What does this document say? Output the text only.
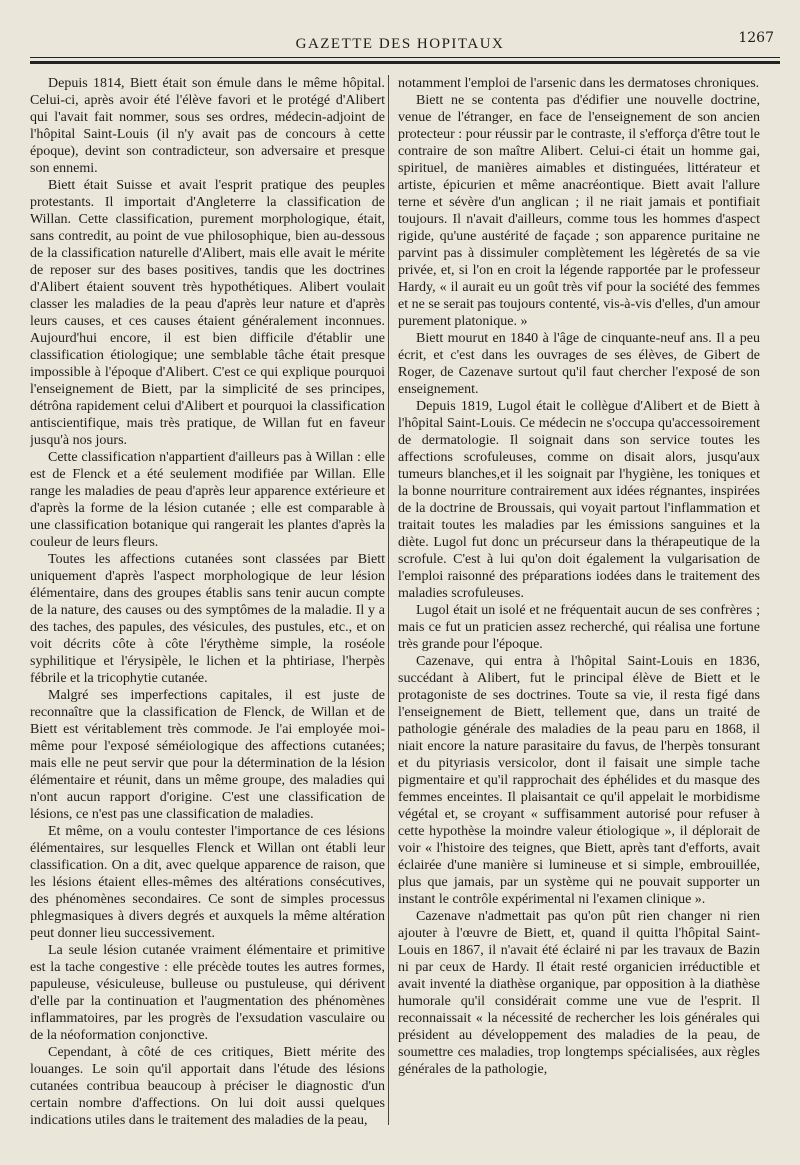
GAZETTE DES HOPITAUX	1267

Depuis 1814, Biett était son émule dans le même hôpital. Celui-ci, après avoir été l'élève favori et le protégé d'Alibert qui l'avait fait nommer, sous ses ordres, médecin-adjoint de l'hôpital Saint-Louis (il n'y avait pas de concours à cette époque), devint son contradicteur, son adversaire et presque son ennemi.

Biett était Suisse et avait l'esprit pratique des peuples protestants. Il importait d'Angleterre la classification de Willan. Cette classification, purement morphologique, était, sans contredit, au point de vue philosophique, bien au-dessous de la classification naturelle d'Alibert, mais elle avait le mérite de reposer sur des bases positives, tandis que les doctrines d'Alibert étaient souvent très hypothétiques. Alibert voulait classer les maladies de la peau d'après leur nature et d'après leurs causes, et ces causes étaient généralement inconnues. Aujourd'hui encore, il est bien difficile d'établir une classification étiologique; une semblable tâche était presque impossible à l'époque d'Alibert. C'est ce qui explique pourquoi l'enseignement de Biett, par la simplicité de ses principes, détrôna rapidement celui d'Alibert et pourquoi la classification antiscientifique, mais très pratique, de Willan fut en faveur jusqu'à nos jours.

Cette classification n'appartient d'ailleurs pas à Willan : elle est de Flenck et a été seulement modifiée par Willan. Elle range les maladies de peau d'après leur apparence extérieure et d'après la forme de la lésion cutanée ; elle est comparable à une classification botanique qui rangerait les plantes d'après la couleur de leurs fleurs.

Toutes les affections cutanées sont classées par Biett uniquement d'après l'aspect morphologique de leur lésion élémentaire, dans des groupes établis sans tenir aucun compte de la nature, des causes ou des symptômes de la maladie. Il y a des taches, des papules, des vésicules, des pustules, etc., et on voit décrits côte à côte l'érythème simple, la roséole syphilitique et l'érysipèle, le lichen et la phtiriase, l'herpès fébrile et la tricophytie cutanée.

Malgré ses imperfections capitales, il est juste de reconnaître que la classification de Flenck, de Willan et de Biett est véritablement très commode. Je l'ai employée moi-même pour l'exposé séméiologique des affections cutanées; mais elle ne peut servir que pour la détermination de la lésion élémentaire et réunit, dans un même groupe, des maladies qui n'ont aucun rapport d'origine. C'est une classification de lésions, ce n'est pas une classification de maladies.

Et même, on a voulu contester l'importance de ces lésions élémentaires, sur lesquelles Flenck et Willan ont établi leur classification. On a dit, avec quelque apparence de raison, que les lésions étaient elles-mêmes des altérations consécutives, des phénomènes secondaires. Ce sont de simples processus phlegmasiques à divers degrés et auxquels la même altération peut donner lieu successivement.

La seule lésion cutanée vraiment élémentaire et primitive est la tache congestive : elle précède toutes les autres formes, papuleuse, vésiculeuse, bulleuse ou pustuleuse, qui dérivent d'elle par la continuation et l'augmentation des phénomènes inflammatoires, par les progrès de l'exsudation vasculaire ou de la néoformation conjonctive.

Cependant, à côté de ces critiques, Biett mérite des louanges. Le soin qu'il apportait dans l'étude des lésions cutanées contribua beaucoup à préciser le diagnostic d'un certain nombre d'affections. On lui doit aussi quelques indications utiles dans le traitement des maladies de la peau,

notamment l'emploi de l'arsenic dans les dermatoses chroniques.

Biett ne se contenta pas d'édifier une nouvelle doctrine, venue de l'étranger, en face de l'enseignement de son ancien protecteur : pour réussir par le contraste, il s'efforça d'être tout le contraire de son maître Alibert. Celui-ci était un homme gai, spirituel, de manières aimables et distinguées, littérateur et artiste, épicurien et même anacréontique. Biett avait l'allure terne et sévère d'un anglican ; il ne riait jamais et pontifiait toujours. Il n'avait d'ailleurs, comme tous les hommes d'aspect rigide, qu'une austérité de façade ; son apparence puritaine ne parvint pas à dissimuler complètement les légèretés de sa vie privée, et, si l'on en croit la légende rapportée par le professeur Hardy, « il aurait eu un goût très vif pour la société des femmes et ne se serait pas toujours contenté, vis-à-vis d'elles, d'un amour purement platonique. »

Biett mourut en 1840 à l'âge de cinquante-neuf ans. Il a peu écrit, et c'est dans les ouvrages de ses élèves, de Gibert de Roger, de Cazenave surtout qu'il faut chercher l'exposé de son enseignement.

Depuis 1819, Lugol était le collègue d'Alibert et de Biett à l'hôpital Saint-Louis. Ce médecin ne s'occupa qu'accessoirement de dermatologie. Il soignait dans son service toutes les affections scrofuleuses, comme on disait alors, jusqu'aux tumeurs blanches,et il les soignait par l'hygiène, les toniques et la bonne nourriture contrairement aux idées régnantes, inspirées de la doctrine de Broussais, qui voyait partout l'inflammation et traitait toutes les maladies par les émissions sanguines et la diète. Lugol fut donc un précurseur dans la thérapeutique de la scrofule. C'est à lui qu'on doit également la vulgarisation de l'emploi raisonné des préparations iodées dans le traitement des maladies scrofuleuses.

Lugol était un isolé et ne fréquentait aucun de ses confrères ; mais ce fut un praticien assez recherché, qui réalisa une fortune très grande pour l'époque.

Cazenave, qui entra à l'hôpital Saint-Louis en 1836, succédant à Alibert, fut le principal élève de Biett et le protagoniste de ses doctrines. Toute sa vie, il resta figé dans l'enseignement de Biett, tellement que, dans un traité de pathologie générale des maladies de la peau paru en 1868, il niait encore la nature parasitaire du favus, de l'herpès tonsurant et du pityriasis versicolor, dont il faisait une simple tache pigmentaire et qu'il rapprochait des éphélides et du masque des femmes enceintes. Il plaisantait ce qu'il appelait le morbidisme végétal et, se croyant « suffisamment autorisé pour refuser à cette hypothèse la moindre valeur étiologique », il déplorait de voir « l'histoire des teignes, que Biett, après tant d'efforts, avait éclairée d'une manière si lumineuse et si simple, embrouillée, plus que jamais, par un système qui ne pouvait supporter un instant le contrôle expérimental ni l'examen clinique ».

Cazenave n'admettait pas qu'on pût rien changer ni rien ajouter à l'œuvre de Biett, et, quand il quitta l'hôpital Saint-Louis en 1867, il n'avait été éclairé ni par les travaux de Bazin ni par ceux de Hardy. Il était resté organicien irréductible et avait inventé la diathèse organique, par opposition à la diathèse humorale qu'il considérait comme une vue de l'esprit. Il reconnaissait « la nécessité de rechercher les lois générales qui président au développement des maladies de la peau, de soumettre ces maladies, trop longtemps spécialisées, aux règles générales de la pathologie,
